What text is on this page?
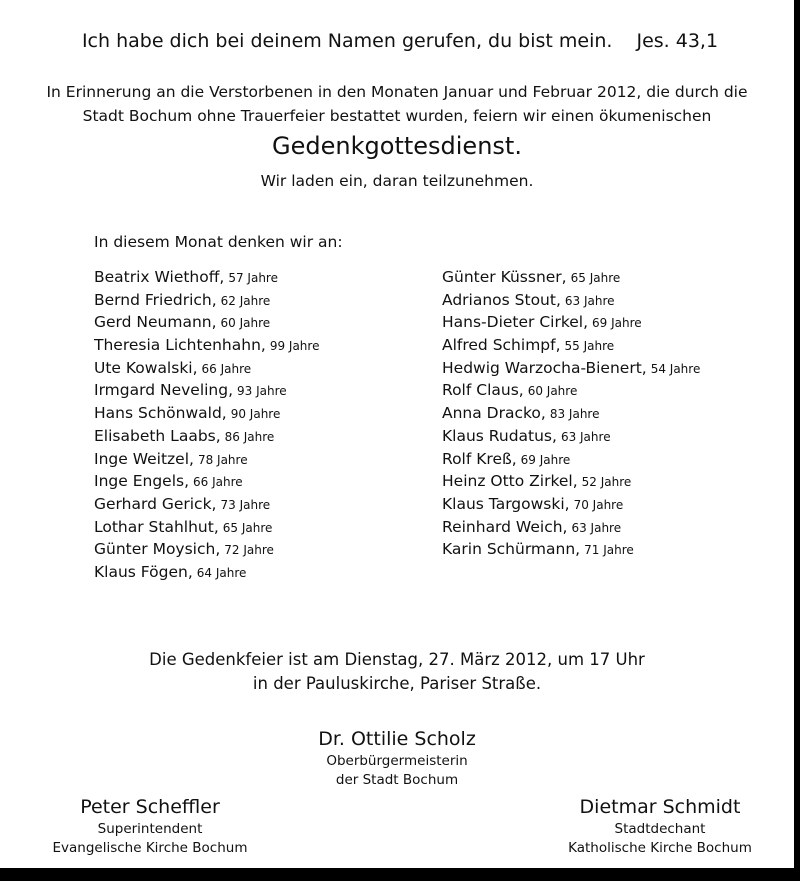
Ich habe dich bei deinem Namen gerufen, du bist mein. Jes. 43,1
In Erinnerung an die Verstorbenen in den Monaten Januar und Februar 2012, die durch die Stadt Bochum ohne Trauerfeier bestattet wurden, feiern wir einen ökumenischen
Gedenkgottesdienst.
Wir laden ein, daran teilzunehmen.
In diesem Monat denken wir an:
Beatrix Wiethoff, 57 Jahre
Bernd Friedrich, 62 Jahre
Gerd Neumann, 60 Jahre
Theresia Lichtenhahn, 99 Jahre
Ute Kowalski, 66 Jahre
Irmgard Neveling, 93 Jahre
Hans Schönwald, 90 Jahre
Elisabeth Laabs, 86 Jahre
Inge Weitzel, 78 Jahre
Inge Engels, 66 Jahre
Gerhard Gerick, 73 Jahre
Lothar Stahlhut, 65 Jahre
Günter Moysich, 72 Jahre
Klaus Fögen, 64 Jahre
Günter Küssner, 65 Jahre
Adrianos Stout, 63 Jahre
Hans-Dieter Cirkel, 69 Jahre
Alfred Schimpf, 55 Jahre
Hedwig Warzocha-Bienert, 54 Jahre
Rolf Claus, 60 Jahre
Anna Dracko, 83 Jahre
Klaus Rudatus, 63 Jahre
Rolf Kreß, 69 Jahre
Heinz Otto Zirkel, 52 Jahre
Klaus Targowski, 70 Jahre
Reinhard Weich, 63 Jahre
Karin Schürmann, 71 Jahre
Die Gedenkfeier ist am Dienstag, 27. März 2012, um 17 Uhr
in der Pauluskirche, Pariser Straße.
Dr. Ottilie Scholz
Oberbürgermeisterin
der Stadt Bochum
Peter Scheffler
Superintendent
Evangelische Kirche Bochum
Dietmar Schmidt
Stadtdechant
Katholische Kirche Bochum
